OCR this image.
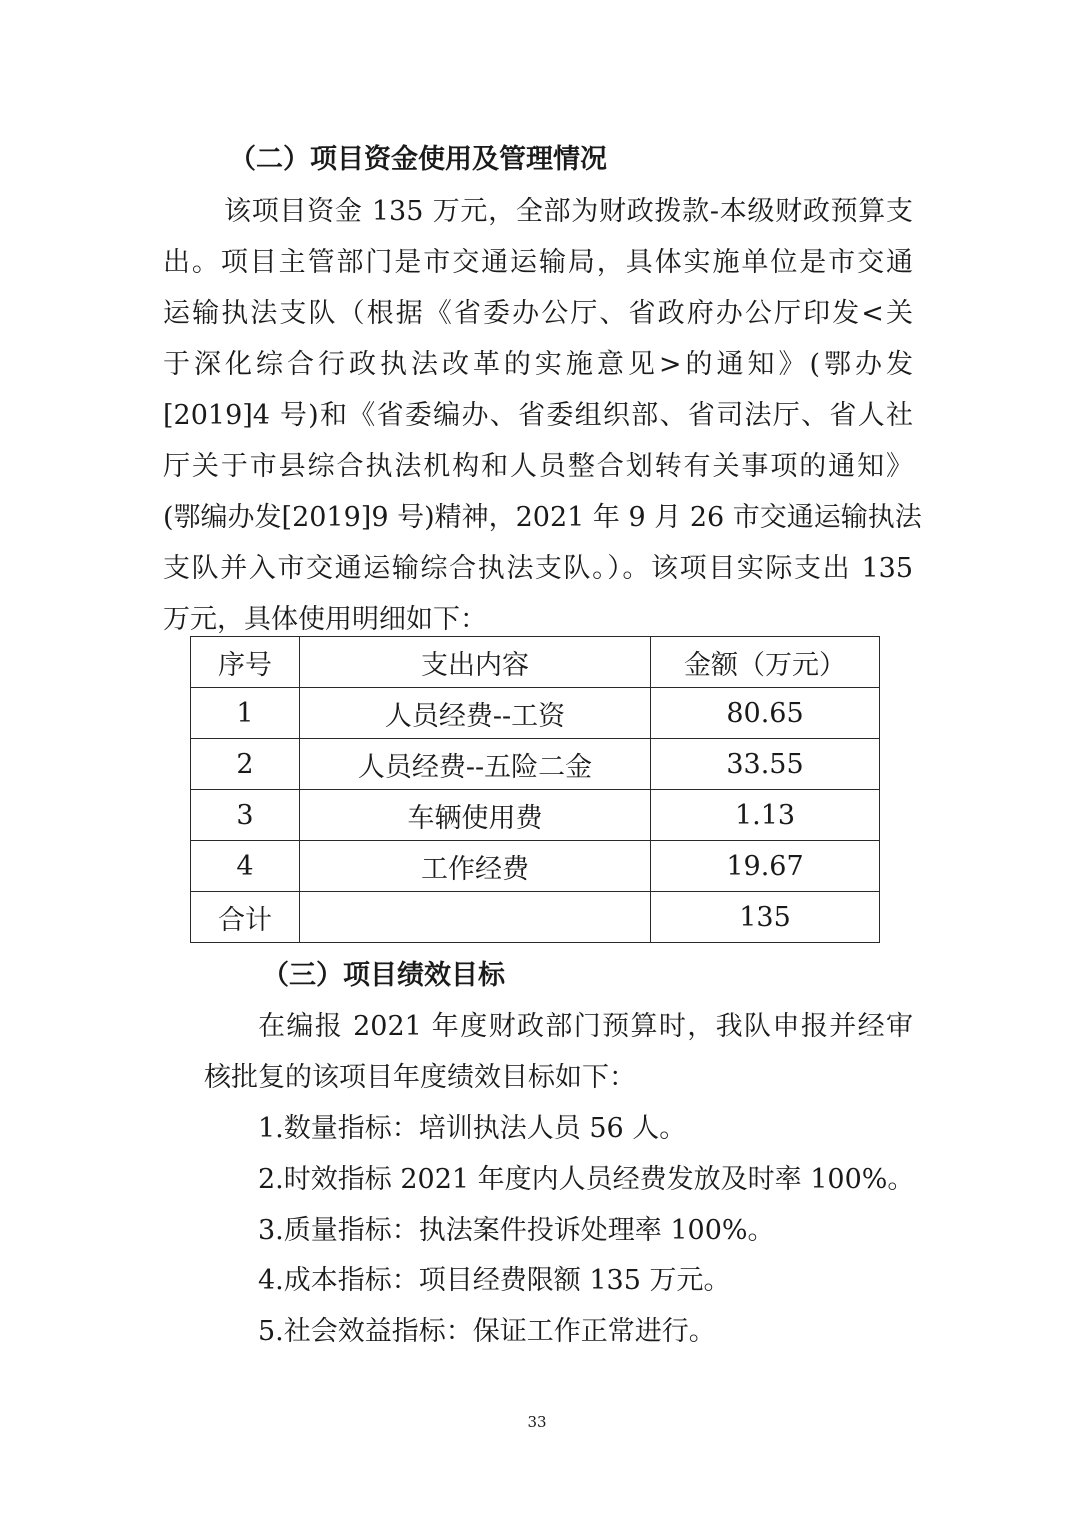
（二）项目资金使用及管理情况
该项目资金 135 万元，全部为财政拨款-本级财政预算支
出。项目主管部门是市交通运输局，具体实施单位是市交通
运输执法支队（根据《省委办公厅、省政府办公厅印发<关
于深化综合行政执法改革的实施意见>的通知》(鄂办发
[2019]4 号)和《省委编办、省委组织部、省司法厅、省人社
厅关于市县综合执法机构和人员整合划转有关事项的通知》
(鄂编办发[2019]9 号)精神，2021 年 9 月 26 市交通运输执法
支队并入市交通运输综合执法支队。）。该项目实际支出 135
万元，具体使用明细如下：
序号	支出内容	金额（万元）
1	人员经费--工资	80.65
2	人员经费--五险二金	33.55
3	车辆使用费	1.13
4	工作经费	19.67
合计		135
（三）项目绩效目标
在编报 2021 年度财政部门预算时，我队申报并经审
核批复的该项目年度绩效目标如下：
1.数量指标：培训执法人员 56 人。
2.时效指标 2021 年度内人员经费发放及时率 100%。
3.质量指标：执法案件投诉处理率 100%。
4.成本指标：项目经费限额 135 万元。
5.社会效益指标：保证工作正常进行。
33
